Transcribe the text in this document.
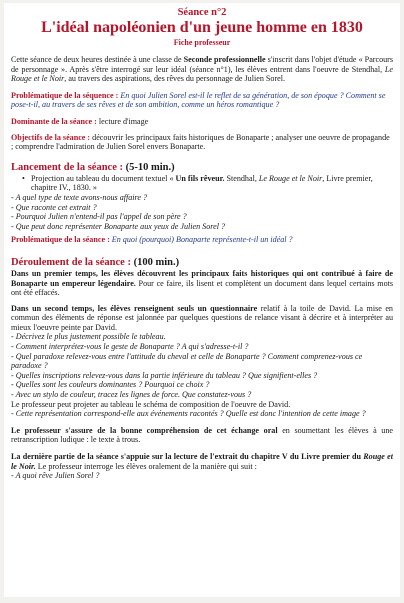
Séance n°2

L'idéal napoléonien d'un jeune homme en 1830

Fiche professeur

Cette séance de deux heures destinée à une classe de Seconde professionnelle s'inscrit dans l'objet d'étude « Parcours de personnage ». Après s'être interrogé sur leur idéal (séance n°1), les élèves entrent dans l'oeuvre de Stendhal, Le Rouge et le Noir, au travers des aspirations, des rêves du personnage de Julien Sorel.

Problématique de la séquence : En quoi Julien Sorel est-il le reflet de sa génération, de son époque ? Comment se pose-t-il, au travers de ses rêves et de son ambition, comme un héros romantique ?

Dominante de la séance : lecture d'image

Objectifs de la séance : découvrir les principaux faits historiques de Bonaparte ; analyser une oeuvre de propagande ; comprendre l'admiration de Julien Sorel envers Bonaparte.

Lancement de la séance : (5-10 min.)

• Projection au tableau du document textuel « Un fils rêveur. Stendhal, Le Rouge et le Noir, Livre premier, chapitre IV., 1830. »

- A quel type de texte avons-nous affaire ?

- Que raconte cet extrait ?

- Pourquoi Julien n'entend-il pas l'appel de son père ?

- Que peut donc représenter Bonaparte aux yeux de Julien Sorel ?

Problématique de la séance : En quoi (pourquoi) Bonaparte représente-t-il un idéal ?

Déroulement de la séance : (100 min.)

Dans un premier temps, les élèves découvrent les principaux faits historiques qui ont contribué à faire de Bonaparte un empereur légendaire. Pour ce faire, ils lisent et complètent un document dans lequel certains mots ont été effacés.

Dans un second temps, les élèves renseignent seuls un questionnaire relatif à la toile de David. La mise en commun des éléments de réponse est jalonnée par quelques questions de relance visant à décrire et à interpréter au mieux l'oeuvre peinte par David.

- Décrivez le plus justement possible le tableau.

- Comment interprétez-vous le geste de Bonaparte ? A qui s'adresse-t-il ?

- Quel paradoxe relevez-vous entre l'attitude du cheval et celle de Bonaparte ? Comment comprenez-vous ce paradoxe ?

- Quelles inscriptions relevez-vous dans la partie inférieure du tableau ? Que signifient-elles ?

- Quelles sont les couleurs dominantes ? Pourquoi ce choix ?

- Avec un stylo de couleur, tracez les lignes de force. Que constatez-vous ?

Le professeur peut projeter au tableau le schéma de composition de l'oeuvre de David.

- Cette représentation correspond-elle aux événements racontés ? Quelle est donc l'intention de cette image ?

Le professeur s'assure de la bonne compréhension de cet échange oral en soumettant les élèves à une retranscription ludique : le texte à trous.

La dernière partie de la séance s'appuie sur la lecture de l'extrait du chapitre V du Livre premier du Rouge et le Noir. Le professeur interroge les élèves oralement de la manière qui suit :

- A quoi rêve Julien Sorel ?
